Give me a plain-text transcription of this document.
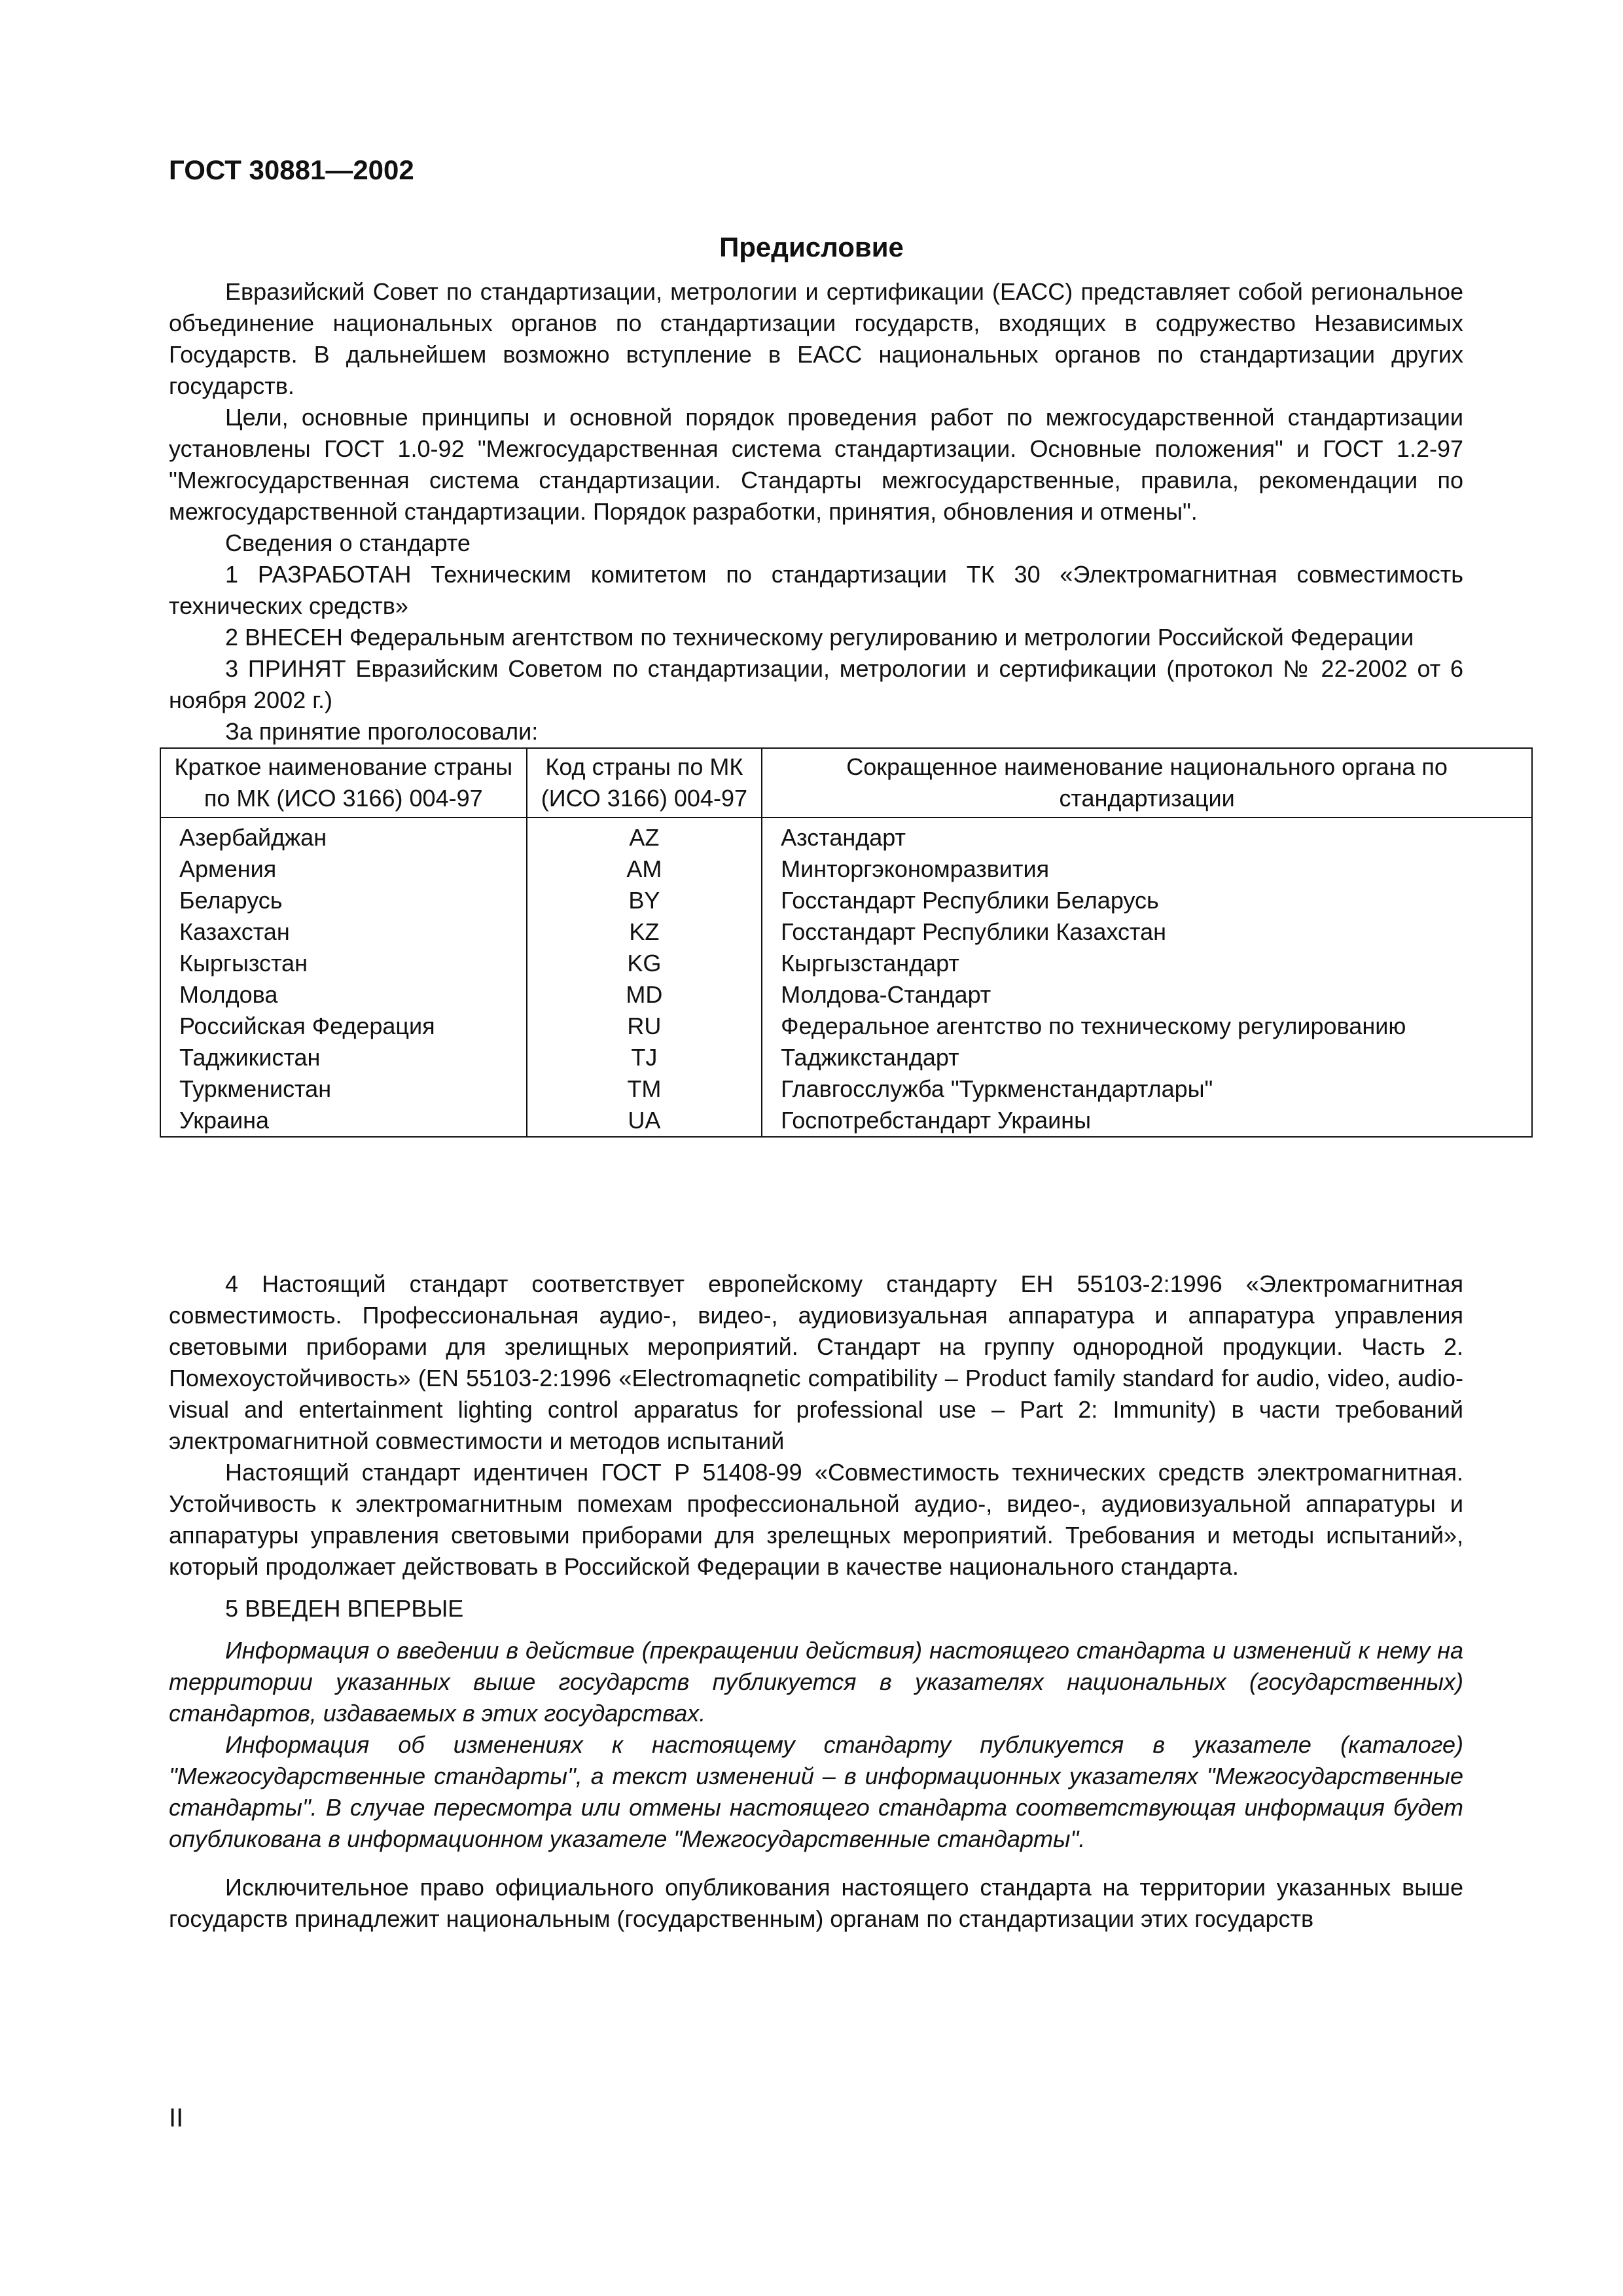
ГОСТ 30881—2002
Предисловие

Евразийский Совет по стандартизации, метрологии и сертификации (ЕАСС) представляет собой региональное объединение национальных органов по стандартизации государств, входящих в содружество Независимых Государств. В дальнейшем возможно вступление в ЕАСС национальных органов по стандартизации других государств.

Цели, основные принципы и основной порядок проведения работ по межгосударственной стандартизации установлены ГОСТ 1.0-92 "Межгосударственная система стандартизации. Основные положения" и ГОСТ 1.2-97 "Межгосударственная система стандартизации. Стандарты межгосударственные, правила, рекомендации по межгосударственной стандартизации. Порядок разработки, принятия, обновления и отмены".

Сведения о стандарте

1 РАЗРАБОТАН Техническим комитетом по стандартизации ТК 30 «Электромагнитная совместимость технических средств»

2 ВНЕСЕН Федеральным агентством по техническому регулированию и метрологии Российской Федерации

3 ПРИНЯТ Евразийским Советом по стандартизации, метрологии и сертификации (протокол № 22-2002 от 6 ноября 2002 г.)

За принятие проголосовали:

Краткое наименование страны по МК (ИСО 3166) 004-97	Код страны по МК (ИСО 3166) 004-97	Сокращенное наименование национального органа по стандартизации
Азербайджан	AZ	Азстандарт
Армения	AM	Минторгэкономразвития
Беларусь	BY	Госстандарт Республики Беларусь
Казахстан	KZ	Госстандарт Республики Казахстан
Кыргызстан	KG	Кыргызстандарт
Молдова	MD	Молдова-Стандарт
Российская Федерация	RU	Федеральное агентство по техническому регулированию
Таджикистан	TJ	Таджикстандарт
Туркменистан	TM	Главгосслужба "Туркменстандартлары"
Украина	UA	Госпотребстандарт Украины

4 Настоящий стандарт соответствует европейскому стандарту ЕН 55103-2:1996 «Электромагнитная совместимость. Профессиональная аудио-, видео-, аудиовизуальная аппаратура и аппаратура управления световыми приборами для зрелищных мероприятий. Стандарт на группу однородной продукции. Часть 2. Помехоустойчивость» (EN 55103-2:1996 «Electromaqnetic compatibility – Product family standard for audio, video, audio-visual and entertainment lighting control apparatus for professional use – Part 2: Immunity) в части требований электромагнитной совместимости и методов испытаний

Настоящий стандарт идентичен ГОСТ Р 51408-99 «Совместимость технических средств электромагнитная. Устойчивость к электромагнитным помехам профессиональной аудио-, видео-, аудиовизуальной аппаратуры и аппаратуры управления световыми приборами для зрелещных мероприятий. Требования и методы испытаний», который продолжает действовать в Российской Федерации в качестве национального стандарта.

5 ВВЕДЕН ВПЕРВЫЕ

Информация о введении в действие (прекращении действия) настоящего стандарта и изменений к нему на территории указанных выше государств публикуется в указателях национальных (государственных) стандартов, издаваемых в этих государствах.

Информация об изменениях к настоящему стандарту публикуется в указателе (каталоге) "Межгосударственные стандарты", а текст изменений – в информационных указателях "Межгосударственные стандарты". В случае пересмотра или отмены настоящего стандарта соответствующая информация будет опубликована в информационном указателе "Межгосударственные стандарты".

Исключительное право официального опубликования настоящего стандарта на территории указанных выше государств принадлежит национальным (государственным) органам по стандартизации этих государств

II
